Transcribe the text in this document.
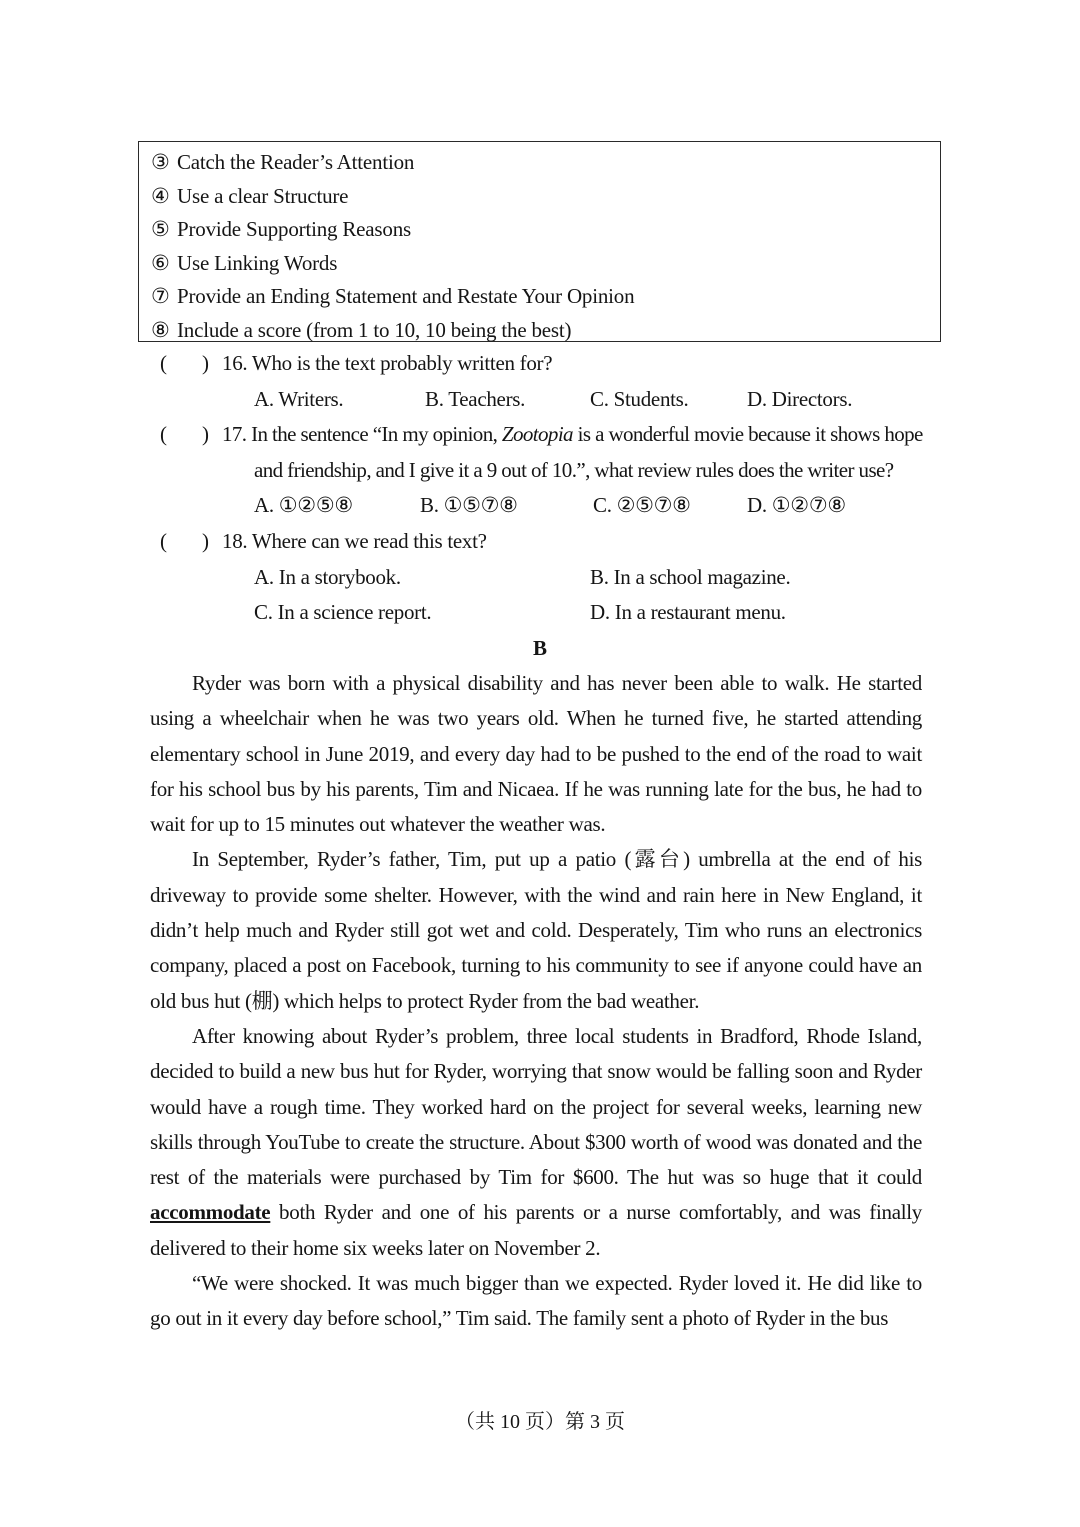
③ Catch the Reader’s Attention
④ Use a clear Structure
⑤ Provide Supporting Reasons
⑥ Use Linking Words
⑦ Provide an Ending Statement and Restate Your Opinion
⑧ Include a score (from 1 to 10, 10 being the best)
( ) 16. Who is the text probably written for?
A. Writers.	B. Teachers.	C. Students.	D. Directors.
( ) 17. In the sentence “In my opinion, Zootopia is a wonderful movie because it shows hope
and friendship, and I give it a 9 out of 10.”, what review rules does the writer use?
A. ①②⑤⑧	B. ①⑤⑦⑧	C. ②⑤⑦⑧	D. ①②⑦⑧
( ) 18. Where can we read this text?
A. In a storybook.	B. In a school magazine.
C. In a science report.	D. In a restaurant menu.
B

Ryder was born with a physical disability and has never been able to walk. He started using a wheelchair when he was two years old. When he turned five, he started attending elementary school in June 2019, and every day had to be pushed to the end of the road to wait for his school bus by his parents, Tim and Nicaea. If he was running late for the bus, he had to wait for up to 15 minutes out whatever the weather was.

In September, Ryder’s father, Tim, put up a patio (露台) umbrella at the end of his driveway to provide some shelter. However, with the wind and rain here in New England, it didn’t help much and Ryder still got wet and cold. Desperately, Tim who runs an electronics company, placed a post on Facebook, turning to his community to see if anyone could have an old bus hut (棚) which helps to protect Ryder from the bad weather.

After knowing about Ryder’s problem, three local students in Bradford, Rhode Island, decided to build a new bus hut for Ryder, worrying that snow would be falling soon and Ryder would have a rough time. They worked hard on the project for several weeks, learning new skills through YouTube to create the structure. About $300 worth of wood was donated and the rest of the materials were purchased by Tim for $600. The hut was so huge that it could accommodate both Ryder and one of his parents or a nurse comfortably, and was finally delivered to their home six weeks later on November 2.

“We were shocked. It was much bigger than we expected. Ryder loved it. He did like to go out in it every day before school,” Tim said. The family sent a photo of Ryder in the bus

（共 10 页）第 3 页
